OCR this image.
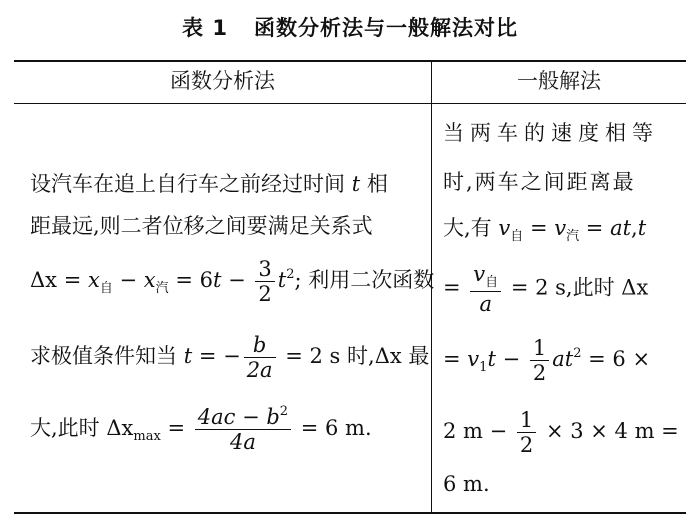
表 1 函数分析法与一般解法对比
函数分析法	一般解法
设汽车在追上自行车之前经过时间 t 相
距最远,则二者位移之间要满足关系式
$\Delta x = x_自 - x_汽 = 6t - \frac{3}{2} t^2$; 利用二次函数
求极值条件知当 t = − $\frac{b}{2a} = 2$ s 时,Δx 最
大,此时 $\Delta x_{max} = \frac{4ac - b^2}{4a} = 6$ m.
当两车的速度相等
时,两车之间距离最
大,有 $v_自 = v_汽 = at,t$
= $\frac{v_自}{a} = 2$ s,此时 Δx
= $v_1t - \frac{1}{2} at^2 = 6$ ×
2 $m - \frac{1}{2} \times 3 \times 4$ m =
6 m.
